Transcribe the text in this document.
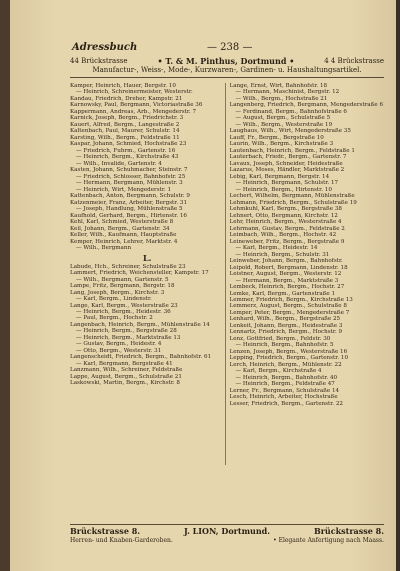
Adressbuch	— 238 —
44 Brückstrasse	• T. & M. Pinthus, Dortmund •	4 4 Brückstrasse
Manufactur-, Weiss-, Mode-, Kurzwaren-, Gardinen- u. Haushaltungsartikel.
Kamper, Heinrich, Hauer, Bergstr. 10
— Heinrich, Schreinermeister, Westerstr.
Kandau, Friedrich, Dreher, Kampstr. 21
Karnowsky, Paul, Bergmann, Victoriastraße 36
Kappermann, Andreas, Arb., Mengederstr. 7
Karnick, Joseph, Bergm., Friedrichstr. 3
Kauert, Alfred, Bergm., Langestraße 2
Kaltenbach, Paul, Maurer, Schulstr. 14
Karsting, Wilh., Bergm., Feldstraße 11
Kaspar, Johann, Schmied, Hochstraße 23
— Friedrich, Fuhrm., Gartenstr. 16
— Heinrich, Bergm., Kirchstraße 43
— Wilh., Invalide, Gartenstr. 4
Kasten, Johann, Schuhmacher, Steinstr. 7
— Friedrich, Schlosser, Bahnhofstr. 25
— Hermann, Bergmann, Mühlenstr. 3
— Heinrich, Wirt, Mengederstr. 1
Kattenbach, Anton, Bergmann, Schulstr. 9
Katzenmeier, Franz, Arbeiter, Bergstr. 31
— Joseph, Handlung, Mühlenstraße 5
Kaufhold, Gerhard, Bergm., Hirtenstr. 16
Kehl, Karl, Schmied, Westerstraße 8
Keil, Johann, Bergm., Gartenstr. 34
Keller, Wilh., Kaufmann, Hauptstraße
Kemper, Heinrich, Lehrer, Marktstr. 4
— Wilh., Bergmann
L.
Labude, Hch., Schreiner, Schulstraße 23
Lammert, Friedrich, Weichensteller, Kampstr. 17
— Wilh., Bergmann, Gartenstr. 5
Lampe, Fritz, Bergmann, Bergstr. 18
Lang, Joseph, Bergm., Kirchstr. 3
— Karl, Bergm., Lindenstr.
Lange, Karl, Bergm., Westerstraße 23
— Heinrich, Bergm., Heidestr. 36
— Paul, Bergm., Hochstr. 2
Langenbach, Heinrich, Bergm., Mühlenstraße 14
— Heinrich, Bergm., Bergstraße 28
— Heinrich, Bergm., Marktstraße 13
— Gustav, Bergm., Heidestr. 4
— Otto, Bergm., Westerstr. 31
Langenscheidt, Friedrich, Bergm., Bahnhofstr. 61
— Karl, Bergmann, Bergstraße 41
Lanzmann, Wilh., Schreiner, Feldstraße
Lappe, August, Bergm., Schulstraße 21
Laskowski, Martin, Bergm., Kirchstr. 8
Lange, Ernst, Wirt, Bahnhofstr. 18
— Hermann, Maschinist, Bergstr. 12
— Wilh., Bergm., Hochstraße 21
Langenberg, Friedrich, Bergmann, Mengederstraße 6
— Ferdinand, Bergm., Bahnhofstraße 6
— August, Bergm., Schulstraße 5
— Wilh., Bergm., Westerstraße 19
Laughaus, Wilh., Wirt, Mengederstraße 35
Lauff, Fr., Bergm., Bergstraße 10
Laurin, Wilh., Bergm., Kirchstraße 3
Lautenbach, Heinrich, Bergm., Feldstraße 1
Lauterbach, Friedr., Bergm., Gartenstr. 7
Lavaux, Joseph, Schneider, Heidestraße
Lazarus, Moses, Händler, Marktstraße 2
Lebig, Karl, Bergmann, Bergstr. 14
— Heinrich, Bergmann, Schulstr. 17
— Heinrich, Bergm., Hirtenstr. 10
Lechert, Wilhelm, Bergmann, Mühlenstraße
Lehmann, Friedrich, Bergm., Schulstraße 19
Lehmkuhl, Karl, Bergm., Bergstraße 38
Lehnert, Otto, Bergmann, Kirchstr. 12
Lehr, Heinrich, Bergm., Westerstraße 4
Lehrmann, Gustav, Bergm., Feldstraße 2
Leimbach, Wilh., Bergm., Hochstr. 42
Leineweber, Fritz, Bergm., Bergstraße 9
— Karl, Bergm., Heidestr. 14
— Heinrich, Bergm., Schulstr. 31
Leinweber, Johann, Bergm., Bahnhofstr.
Leipold, Robert, Bergmann, Lindenstr. 18
Leistner, August, Bergm., Westerstr. 12
— Hermann, Bergm., Marktstraße 3
Lembeck, Heinrich, Bergm., Hochstr. 27
Lemke, Karl, Bergm., Gartenstraße 1
Lemmer, Friedrich, Bergm., Kirchstraße 13
Lemmerz, August, Bergm., Schulstraße 8
Lemper, Peter, Bergm., Mengederstraße 7
Lenhard, Wilh., Bergm., Bergstraße 25
Lenkeit, Johann, Bergm., Heidestraße 3
Lennartz, Friedrich, Bergm., Hochstr. 9
Lenz, Gottfried, Bergm., Feldstr. 30
— Heinrich, Bergm., Bahnhofstr. 5
Lenzen, Joseph, Bergm., Westerstraße 16
Lepping, Friedrich, Bergm., Gartenstr. 10
Lerch, Heinrich, Bergm., Mühlenstr. 22
— Karl, Bergm., Kirchstraße 4
— Heinrich, Bergm., Bahnhofstr. 40
— Heinrich, Bergm., Feldstraße 47
Lerner, Fr., Bergmann, Schulstraße 14
Lesch, Heinrich, Arbeiter, Hochstraße
Lesser, Friedrich, Bergm., Gartenstr. 22
Brückstrasse 8.	J. LION, Dortmund.	Brückstrasse 8.
Herren- und Knaben-Garderoben.	• Elegante Anfertigung nach Maass.
